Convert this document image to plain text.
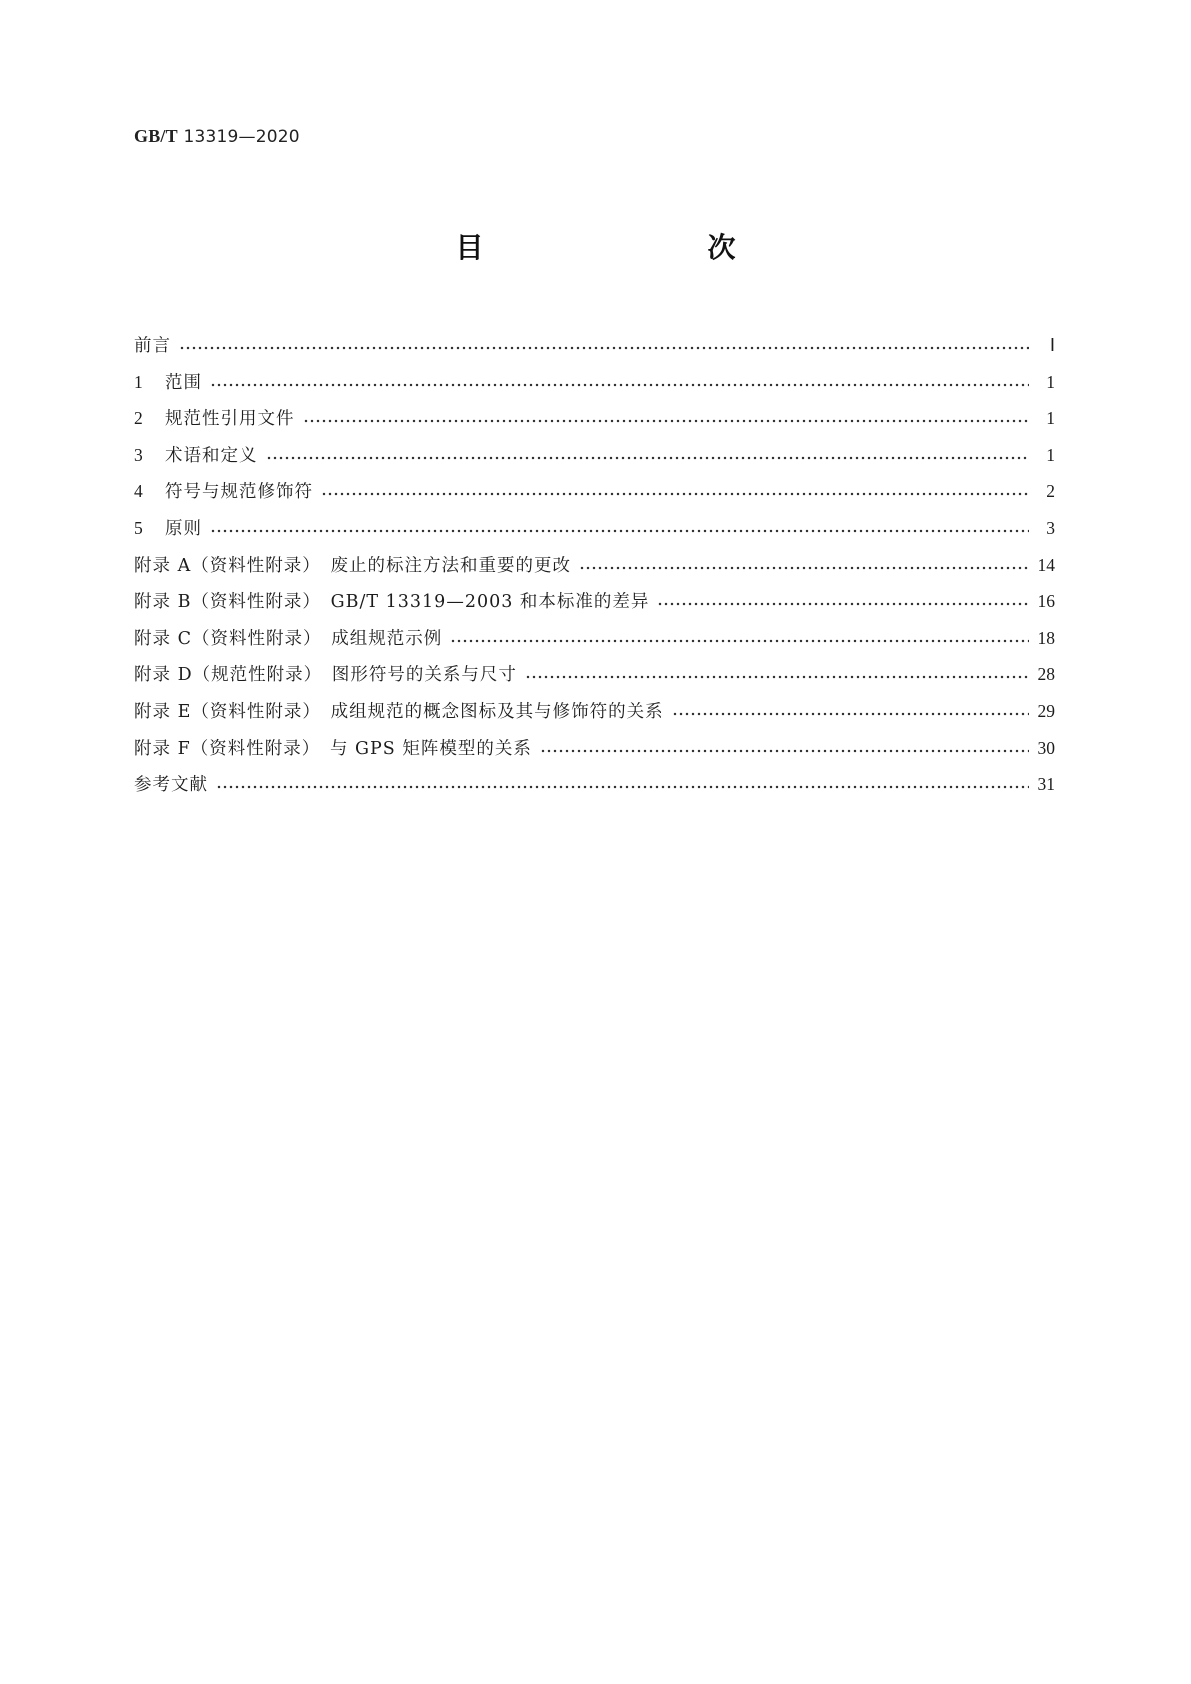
GB/T 13319—2020
目　　次
前言	Ⅰ
1	范围	1
2	规范性引用文件	1
3	术语和定义	1
4	符号与规范修饰符	2
5	原则	3
附录 A（资料性附录）　废止的标注方法和重要的更改	14
附录 B（资料性附录）　GB/T 13319—2003 和本标准的差异	16
附录 C（资料性附录）　成组规范示例	18
附录 D（规范性附录）　图形符号的关系与尺寸	28
附录 E（资料性附录）　成组规范的概念图标及其与修饰符的关系	29
附录 F（资料性附录）　与 GPS 矩阵模型的关系	30
参考文献	31
